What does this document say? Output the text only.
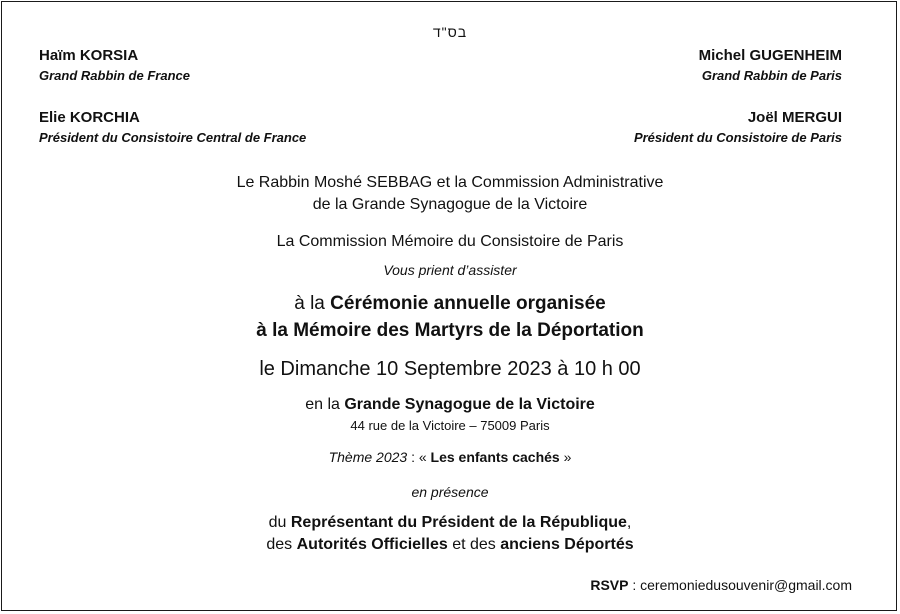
בס"ד
Haïm KORSIA
Grand Rabbin de France
Michel GUGENHEIM
Grand Rabbin de Paris
Elie KORCHIA
Président du Consistoire Central de France
Joël MERGUI
Président du Consistoire de Paris
Le Rabbin Moshé SEBBAG et la Commission Administrative
de la Grande Synagogue de la Victoire
La Commission Mémoire du Consistoire de Paris
Vous prient d’assister
à la Cérémonie annuelle organisée
à la Mémoire des Martyrs de la Déportation
le Dimanche 10 Septembre 2023 à 10 h 00
en la Grande Synagogue de la Victoire
44 rue de la Victoire – 75009 Paris
Thème 2023 : « Les enfants cachés »
en présence
du Représentant du Président de la République,
des Autorités Officielles et des anciens Déportés
RSVP : ceremoniedusouvenir@gmail.com
